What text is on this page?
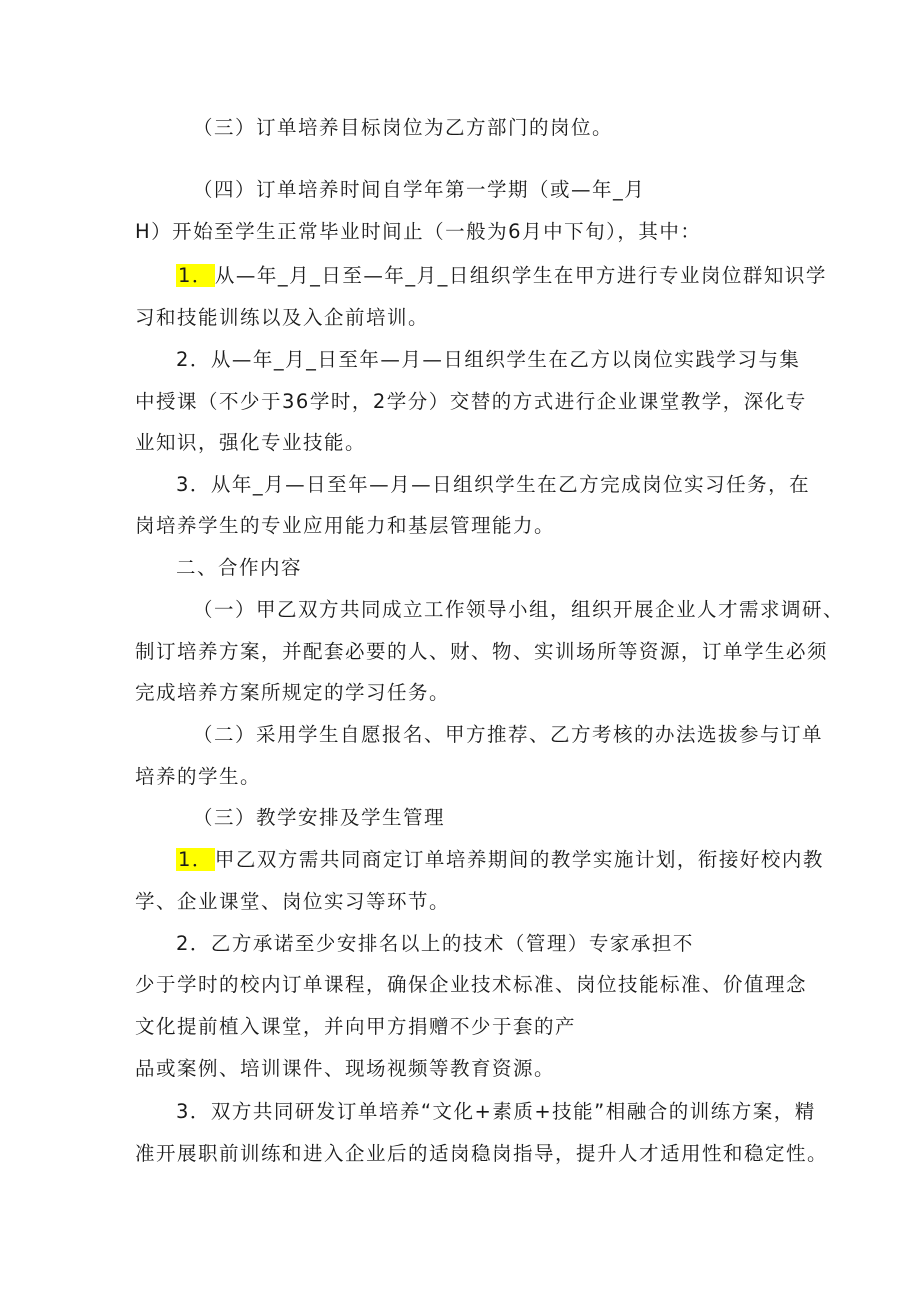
（三）订单培养目标岗位为乙方部门的岗位。
（四）订单培养时间自学年第一学期（或—年_月
H）开始至学生正常毕业时间止（一般为6月中下旬），其中：
1． 从—年_月_日至—年_月_日组织学生在甲方进行专业岗位群知识学
习和技能训练以及入企前培训。
2．从—年_月_日至年—月—日组织学生在乙方以岗位实践学习与集
中授课（不少于36学时，2学分）交替的方式进行企业课堂教学，深化专
业知识，强化专业技能。
3．从年_月—日至年—月—日组织学生在乙方完成岗位实习任务，在
岗培养学生的专业应用能力和基层管理能力。
二、合作内容
（一）甲乙双方共同成立工作领导小组，组织开展企业人才需求调研、
制订培养方案，并配套必要的人、财、物、实训场所等资源，订单学生必须
完成培养方案所规定的学习任务。
（二）采用学生自愿报名、甲方推荐、乙方考核的办法选拔参与订单
培养的学生。
（三）教学安排及学生管理
1． 甲乙双方需共同商定订单培养期间的教学实施计划，衔接好校内教
学、企业课堂、岗位实习等环节。
2．乙方承诺至少安排名以上的技术（管理）专家承担不
少于学时的校内订单课程，确保企业技术标准、岗位技能标准、价值理念
文化提前植入课堂，并向甲方捐赠不少于套的产
品或案例、培训课件、现场视频等教育资源。
3．双方共同研发订单培养“文化+素质+技能”相融合的训练方案，精
准开展职前训练和进入企业后的适岗稳岗指导，提升人才适用性和稳定性。
